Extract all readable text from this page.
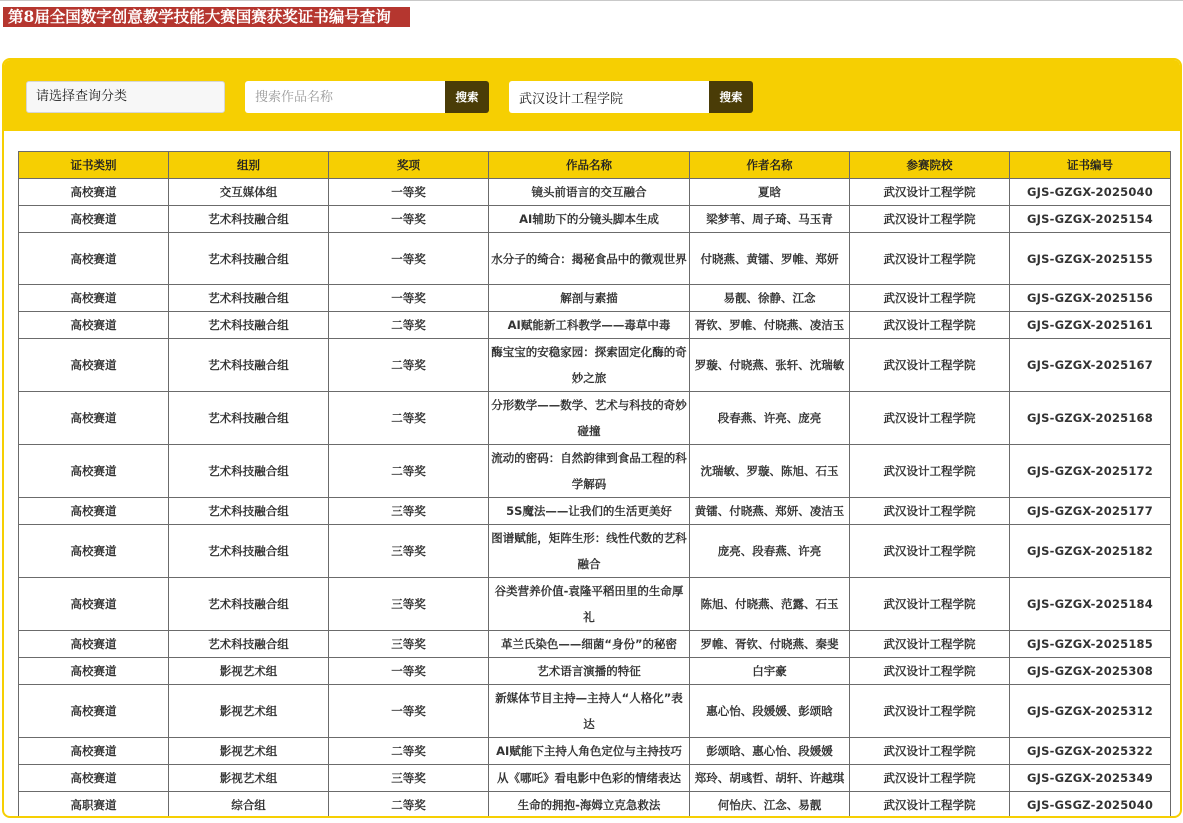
第8届全国数字创意教学技能大赛国赛获奖证书编号查询
请选择查询分类
搜索作品名称	搜索
武汉设计工程学院	搜索
证书类别	组别	奖项	作品名称	作者名称	参赛院校	证书编号
高校赛道	交互媒体组	一等奖	镜头前语言的交互融合	夏晗	武汉设计工程学院	GJS-GZGX-2025040
高校赛道	艺术科技融合组	一等奖	AI辅助下的分镜头脚本生成	梁梦苇、周子琦、马玉青	武汉设计工程学院	GJS-GZGX-2025154
高校赛道	艺术科技融合组	一等奖	水分子的绮合：揭秘食品中的微观世界	付晓燕、黄镭、罗帷、郑妍	武汉设计工程学院	GJS-GZGX-2025155
高校赛道	艺术科技融合组	一等奖	解剖与素描	易靓、徐静、江念	武汉设计工程学院	GJS-GZGX-2025156
高校赛道	艺术科技融合组	二等奖	AI赋能新工科教学——毒草中毒	胥钦、罗帷、付晓燕、凌洁玉	武汉设计工程学院	GJS-GZGX-2025161
高校赛道	艺术科技融合组	二等奖	酶宝宝的安稳家园：探索固定化酶的奇妙之旅	罗璇、付晓燕、张轩、沈瑞敏	武汉设计工程学院	GJS-GZGX-2025167
高校赛道	艺术科技融合组	二等奖	分形数学——数学、艺术与科技的奇妙碰撞	段春燕、许亮、庞亮	武汉设计工程学院	GJS-GZGX-2025168
高校赛道	艺术科技融合组	二等奖	流动的密码：自然韵律到食品工程的科学解码	沈瑞敏、罗璇、陈旭、石玉	武汉设计工程学院	GJS-GZGX-2025172
高校赛道	艺术科技融合组	三等奖	5S魔法——让我们的生活更美好	黄镭、付晓燕、郑妍、凌洁玉	武汉设计工程学院	GJS-GZGX-2025177
高校赛道	艺术科技融合组	三等奖	图谱赋能，矩阵生形：线性代数的艺科融合	庞亮、段春燕、许亮	武汉设计工程学院	GJS-GZGX-2025182
高校赛道	艺术科技融合组	三等奖	谷类营养价值-袁隆平稻田里的生命厚礼	陈旭、付晓燕、范露、石玉	武汉设计工程学院	GJS-GZGX-2025184
高校赛道	艺术科技融合组	三等奖	革兰氏染色——细菌“身份”的秘密	罗帷、胥钦、付晓燕、秦斐	武汉设计工程学院	GJS-GZGX-2025185
高校赛道	影视艺术组	一等奖	艺术语言演播的特征	白宇豪	武汉设计工程学院	GJS-GZGX-2025308
高校赛道	影视艺术组	一等奖	新媒体节目主持—主持人“人格化”表达	惠心怡、段媛媛、彭颂晗	武汉设计工程学院	GJS-GZGX-2025312
高校赛道	影视艺术组	二等奖	AI赋能下主持人角色定位与主持技巧	彭颂晗、惠心怡、段媛媛	武汉设计工程学院	GJS-GZGX-2025322
高校赛道	影视艺术组	三等奖	从《哪吒》看电影中色彩的情绪表达	郑玲、胡彧哲、胡轩、许越琪	武汉设计工程学院	GJS-GZGX-2025349
高职赛道	综合组	二等奖	生命的拥抱-海姆立克急救法	何怡庆、江念、易靓	武汉设计工程学院	GJS-GSGZ-2025040
